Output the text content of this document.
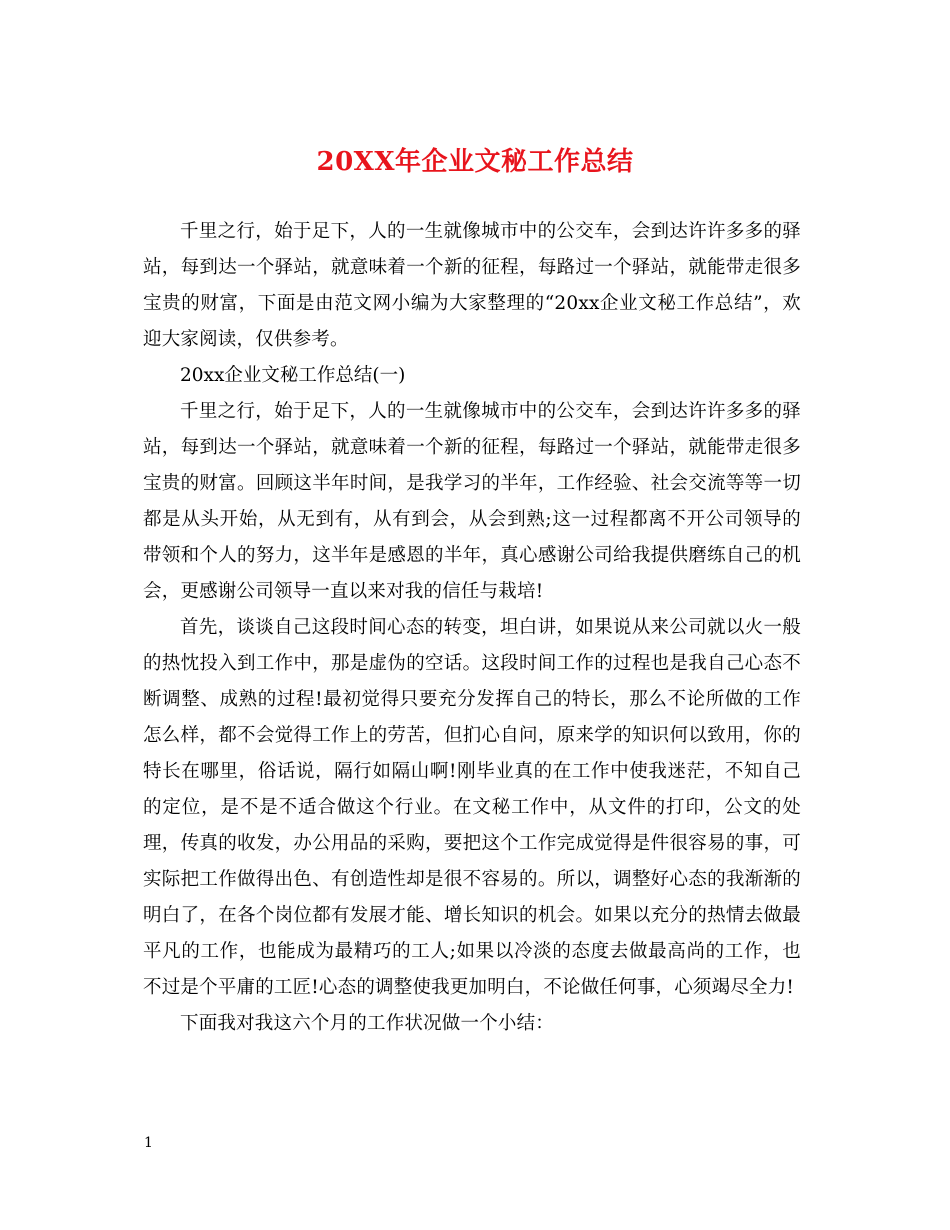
20XX年企业文秘工作总结

千里之行，始于足下，人的一生就像城市中的公交车，会到达许许多多的驿站，每到达一个驿站，就意味着一个新的征程，每路过一个驿站，就能带走很多宝贵的财富，下面是由范文网小编为大家整理的“20xx企业文秘工作总结”，欢迎大家阅读，仅供参考。

20xx企业文秘工作总结(一)

千里之行，始于足下，人的一生就像城市中的公交车，会到达许许多多的驿站，每到达一个驿站，就意味着一个新的征程，每路过一个驿站，就能带走很多宝贵的财富。回顾这半年时间，是我学习的半年，工作经验、社会交流等等一切都是从头开始，从无到有，从有到会，从会到熟;这一过程都离不开公司领导的带领和个人的努力，这半年是感恩的半年，真心感谢公司给我提供磨练自己的机会，更感谢公司领导一直以来对我的信任与栽培!

首先，谈谈自己这段时间心态的转变，坦白讲，如果说从来公司就以火一般的热忱投入到工作中，那是虚伪的空话。这段时间工作的过程也是我自己心态不断调整、成熟的过程!最初觉得只要充分发挥自己的特长，那么不论所做的工作怎么样，都不会觉得工作上的劳苦，但扪心自问，原来学的知识何以致用，你的特长在哪里，俗话说，隔行如隔山啊!刚毕业真的在工作中使我迷茫，不知自己的定位，是不是不适合做这个行业。在文秘工作中，从文件的打印，公文的处理，传真的收发，办公用品的采购，要把这个工作完成觉得是件很容易的事，可实际把工作做得出色、有创造性却是很不容易的。所以，调整好心态的我渐渐的明白了，在各个岗位都有发展才能、增长知识的机会。如果以充分的热情去做最平凡的工作，也能成为最精巧的工人;如果以冷淡的态度去做最高尚的工作，也不过是个平庸的工匠!心态的调整使我更加明白，不论做任何事，心须竭尽全力!

下面我对我这六个月的工作状况做一个小结：

1
